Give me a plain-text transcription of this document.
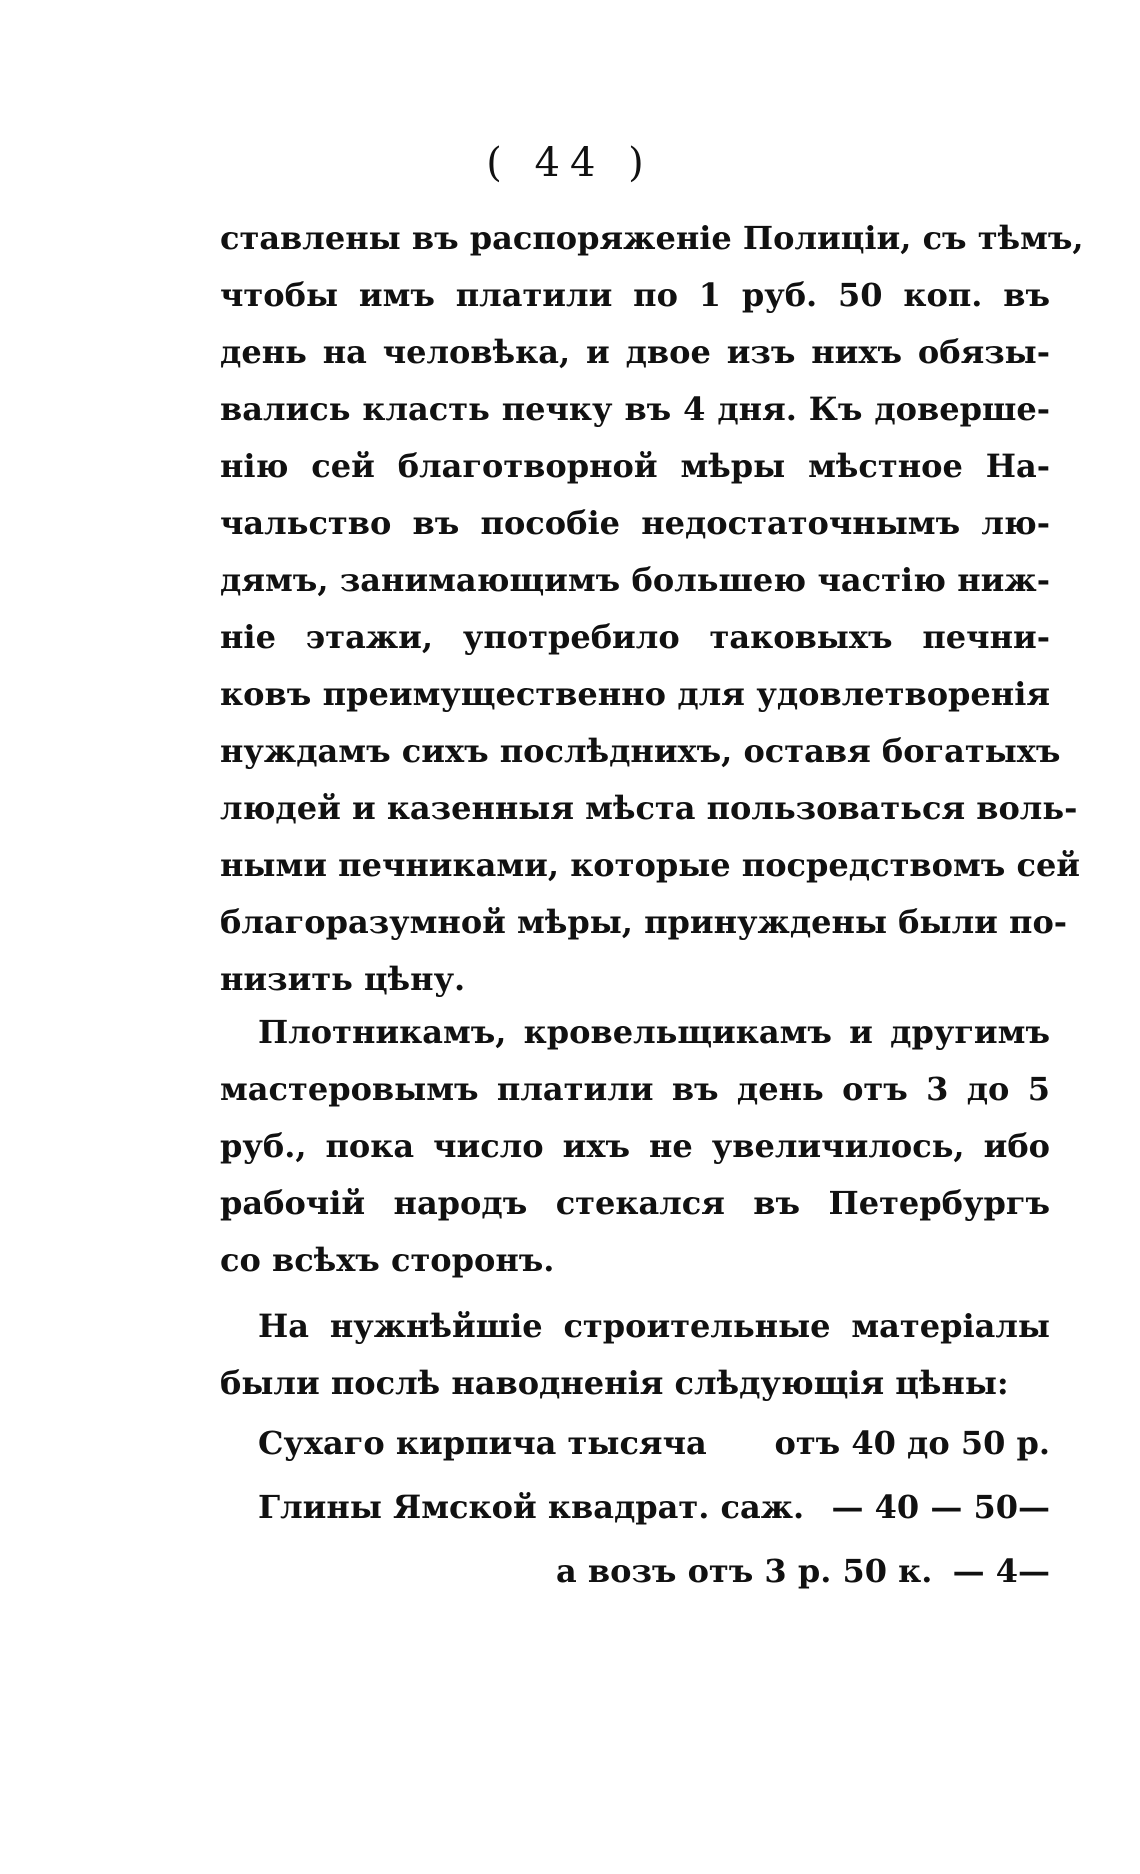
( 44 )
ставлены въ распоряженіе Полиціи, съ тѣмъ,
чтобы имъ платили по 1 руб. 50 коп. въ
день на человѣка, и двое изъ нихъ обязы-
вались класть печку въ 4 дня. Къ доверше-
нію сей благотворной мѣры мѣстное На-
чальство въ пособіе недостаточнымъ лю-
дямъ, занимающимъ большею частію ниж-
ніе этажи, употребило таковыхъ печни-
ковъ преимущественно для удовлетворенія
нуждамъ сихъ послѣднихъ, оставя богатыхъ
людей и казенныя мѣста пользоваться воль-
ными печниками, которые посредствомъ сей
благоразумной мѣры, принуждены были по-
низить цѣну.
Плотникамъ, кровельщикамъ и другимъ
мастеровымъ платили въ день отъ 3 до 5
руб., пока число ихъ не увеличилось, ибо
рабочій народъ стекался въ Петербургъ
со всѣхъ сторонъ.
На нужнѣйшіе строительные матеріалы
были послѣ наводненія слѣдующія цѣны:
Сухаго кирпича тысяча отъ 40 до 50 р.
Глины Ямской квадрат. саж. — 40 — 50—
а возъ отъ 3 р. 50 к. — 4—
